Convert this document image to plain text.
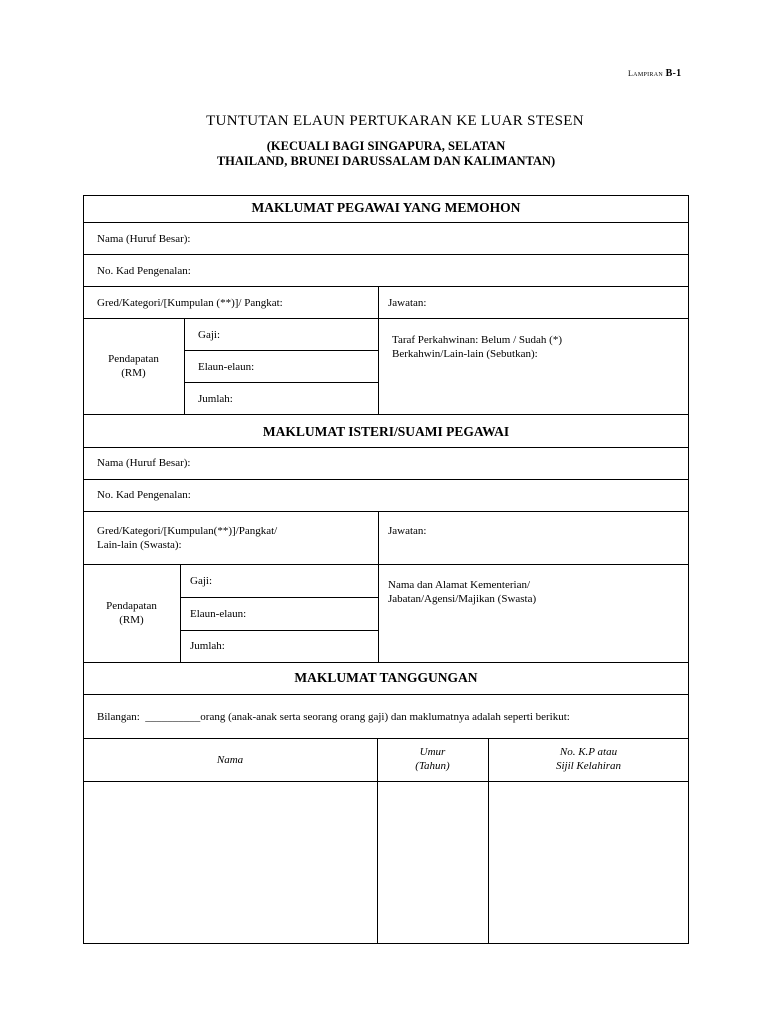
Lampiran B-1
TUNTUTAN ELAUN PERTUKARAN KE LUAR STESEN
(KECUALI BAGI SINGAPURA, SELATAN
THAILAND, BRUNEI DARUSSALAM DAN KALIMANTAN)
MAKLUMAT PEGAWAI YANG MEMOHON
Nama (Huruf Besar):
No. Kad Pengenalan:
Gred/Kategori/[Kumpulan (**)]/ Pangkat:	Jawatan:
Pendapatan
(RM)
Gaji:
Elaun-elaun:
Jumlah:
Taraf Perkahwinan: Belum / Sudah (*)
Berkahwin/Lain-lain (Sebutkan):
MAKLUMAT ISTERI/SUAMI PEGAWAI
Nama (Huruf Besar):
No. Kad Pengenalan:
Gred/Kategori/[Kumpulan(**)]/Pangkat/
Lain-lain (Swasta):
Jawatan:
Pendapatan
(RM)
Gaji:
Elaun-elaun:
Jumlah:
Nama dan Alamat Kementerian/
Jabatan/Agensi/Majikan (Swasta)
MAKLUMAT TANGGUNGAN
Bilangan: __________orang (anak-anak serta seorang orang gaji) dan maklumatnya adalah seperti berikut:
Nama
Umur
(Tahun)
No. K.P atau
Sijil Kelahiran
